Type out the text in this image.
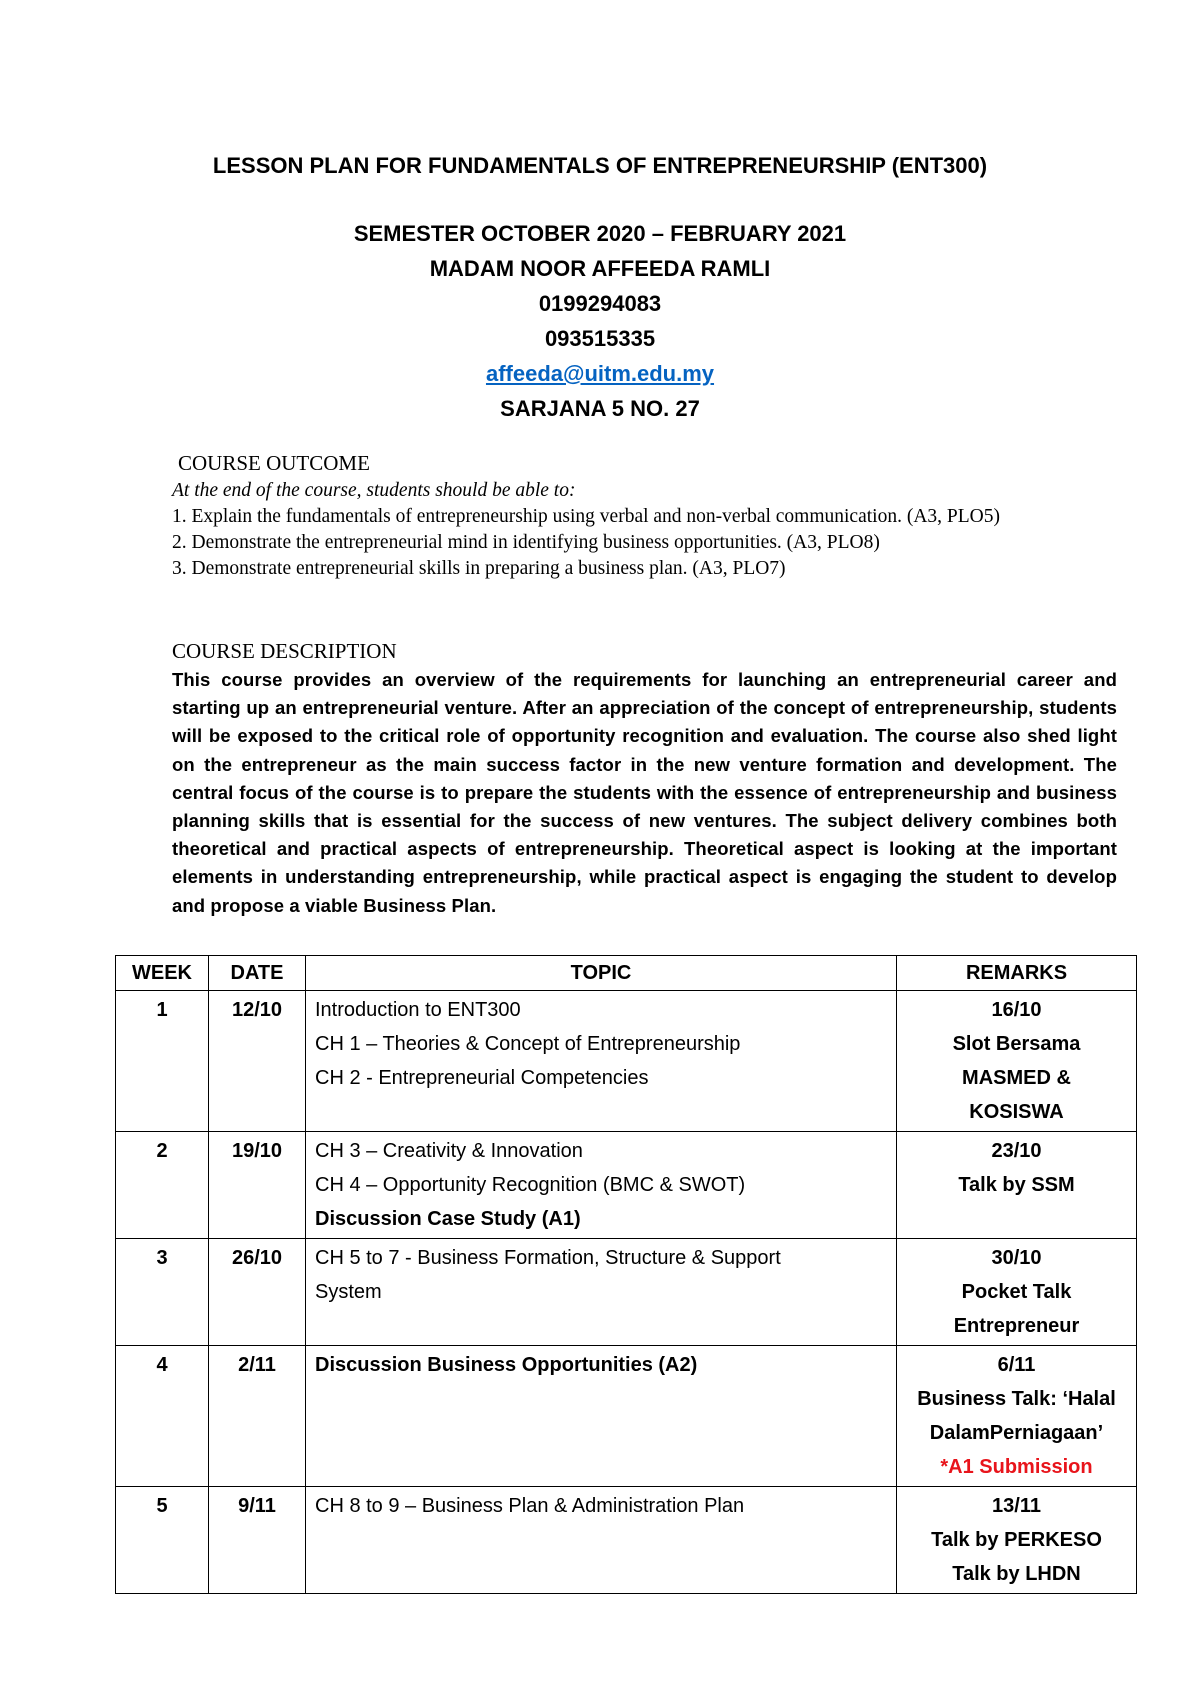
LESSON PLAN FOR FUNDAMENTALS OF ENTREPRENEURSHIP (ENT300)
SEMESTER OCTOBER 2020 – FEBRUARY 2021
MADAM NOOR AFFEEDA RAMLI
0199294083
093515335
affeeda@uitm.edu.my
SARJANA 5 NO. 27
COURSE OUTCOME
At the end of the course, students should be able to:
1. Explain the fundamentals of entrepreneurship using verbal and non-verbal communication. (A3, PLO5)
2. Demonstrate the entrepreneurial mind in identifying business opportunities. (A3, PLO8)
3. Demonstrate entrepreneurial skills in preparing a business plan. (A3, PLO7)
COURSE DESCRIPTION

This course provides an overview of the requirements for launching an entrepreneurial career and starting up an entrepreneurial venture. After an appreciation of the concept of entrepreneurship, students will be exposed to the critical role of opportunity recognition and evaluation. The course also shed light on the entrepreneur as the main success factor in the new venture formation and development. The central focus of the course is to prepare the students with the essence of entrepreneurship and business planning skills that is essential for the success of new ventures. The subject delivery combines both theoretical and practical aspects of entrepreneurship. Theoretical aspect is looking at the important elements in understanding entrepreneurship, while practical aspect is engaging the student to develop and propose a viable Business Plan.

WEEK	DATE	TOPIC	REMARKS
1	12/10	Introduction to ENT300
CH 1 – Theories & Concept of Entrepreneurship
CH 2 - Entrepreneurial Competencies	16/10
Slot Bersama
MASMED &
KOSISWA

2	19/10	CH 3 – Creativity & Innovation
CH 4 – Opportunity Recognition (BMC & SWOT)
Discussion Case Study (A1)	23/10
Talk by SSM

3	26/10	CH 5 to 7 - Business Formation, Structure & Support
System	30/10
Pocket Talk
Entrepreneur

4	2/11	Discussion Business Opportunities (A2)	6/11
Business Talk: ‘Halal
DalamPerniagaan’
*A1 Submission

5	9/11	CH 8 to 9 – Business Plan & Administration Plan	13/11
Talk by PERKESO
Talk by LHDN
